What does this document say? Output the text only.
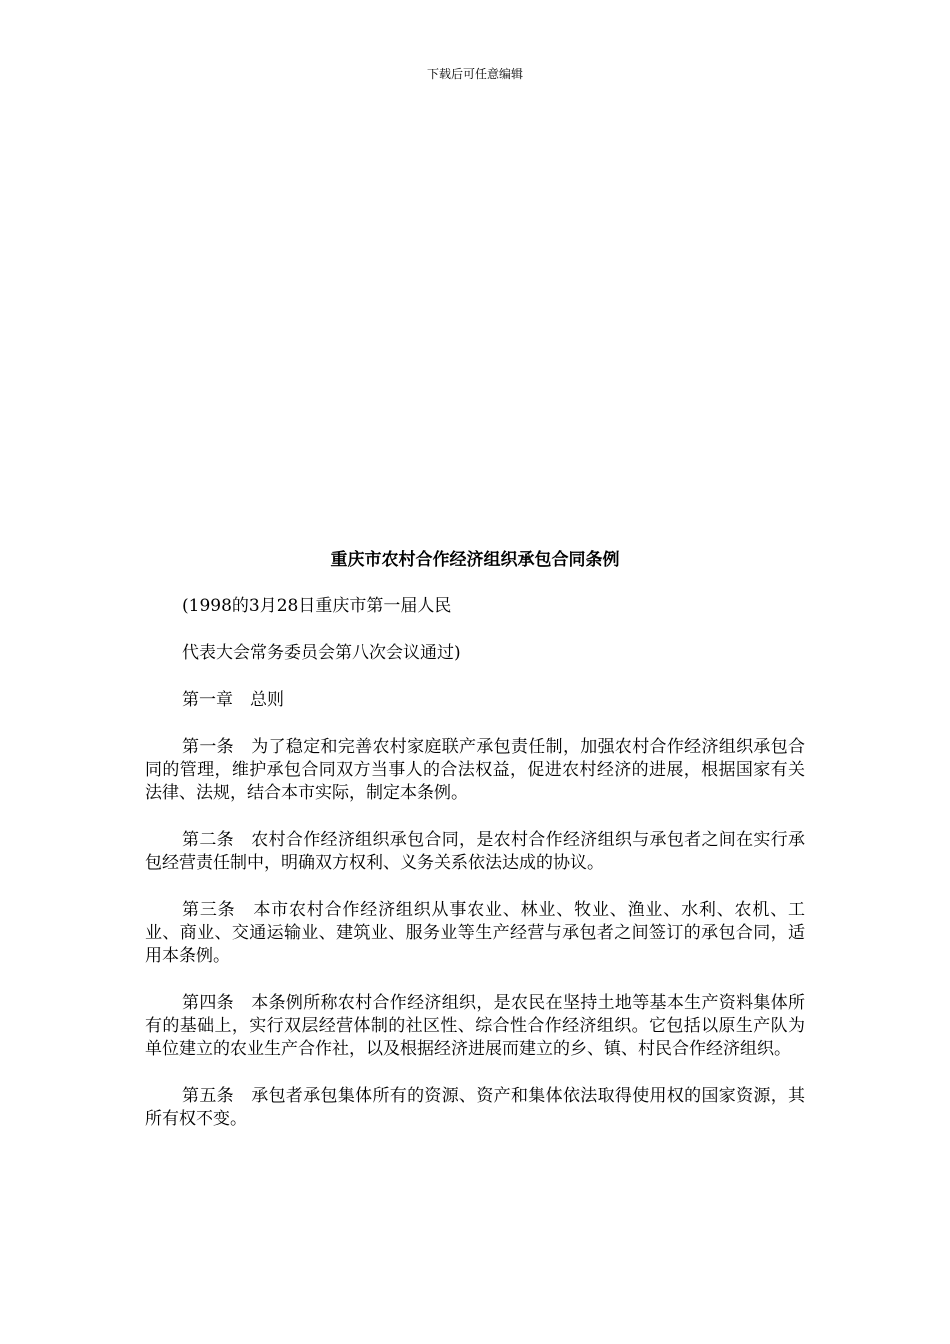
下载后可任意编辑
重庆市农村合作经济组织承包合同条例

(1998的3月28日重庆市第一届人民

代表大会常务委员会第八次会议通过)

第一章　总则

第一条　 为了稳定和完善农村家庭联产承包责任制，加强农村合作经济组织承包合同的管理，维护承包合同双方当事人的合法权益，促进农村经济的进展，根据国家有关法律、法规，结合本市实际，制定本条例。

第二条　 农村合作经济组织承包合同，是农村合作经济组织与承包者之间在实行承包经营责任制中，明确双方权利、义务关系依法达成的协议。

第三条　 本市农村合作经济组织从事农业、林业、牧业、渔业、水利、农机、工业、商业、交通运输业、建筑业、服务业等生产经营与承包者之间签订的承包合同，适用本条例。

第四条　 本条例所称农村合作经济组织，是农民在坚持土地等基本生产资料集体所有的基础上，实行双层经营体制的社区性、综合性合作经济组织。它包括以原生产队为单位建立的农业生产合作社，以及根据经济进展而建立的乡、镇、村民合作经济组织。

第五条　 承包者承包集体所有的资源、资产和集体依法取得使用权的国家资源，其所有权不变。
